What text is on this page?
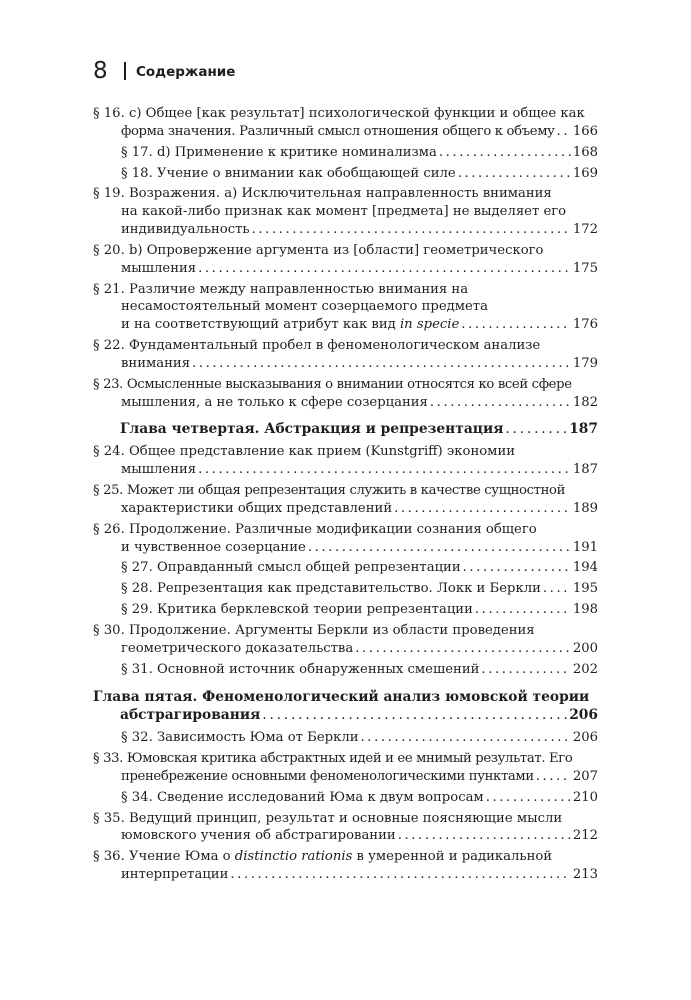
8 Содержание
§ 16. c) Общее [как результат] психологической функции и общее как
форма значения. Различный смысл отношения общего к объему . . . 166
§ 17. d) Применение к критике номинализма . . .	168
§ 18. Учение о внимании как обобщающей силе . . .	169
§ 19. Возражения. a) Исключительная направленность внимания
на какой-либо признак как момент [предмета] не выделяет его
индивидуальность . . .	172
§ 20. b) Опровержение аргумента из [области] геометрического
мышления . . .	175
§ 21. Различие между направленностью внимания на
несамостоятельный момент созерцаемого предмета
и на соответствующий атрибут как вид in specie . . .	176
§ 22. Фундаментальный пробел в феноменологическом анализе
внимания . . .	179
§ 23. Осмысленные высказывания о внимании относятся ко всей сфере
мышления, а не только к сфере созерцания . . .	182
Глава четвертая. Абстракция и репрезентация . . .	187
§ 24. Общее представление как прием (Kunstgriff) экономии
мышления . . .	187
§ 25. Может ли общая репрезентация служить в качестве сущностной
характеристики общих представлений . . .	189
§ 26. Продолжение. Различные модификации сознания общего
и чувственное созерцание . . .	191
§ 27. Оправданный смысл общей репрезентации . . .	194
§ 28. Репрезентация как представительство. Локк и Беркли . . . 195
§ 29. Критика берклевской теории репрезентации . . .	198
§ 30. Продолжение. Аргументы Беркли из области проведения
геометрического доказательства . . .	200
§ 31. Основной источник обнаруженных смешений . . .	202
Глава пятая. Феноменологический анализ юмовской теории
абстрагирования . . .	206
§ 32. Зависимость Юма от Беркли . . .	206
§ 33. Юмовская критика абстрактных идей и ее мнимый результат. Его
пренебрежение основными феноменологическими пунктами . . .	207
§ 34. Сведение исследований Юма к двум вопросам . . .	210
§ 35. Ведущий принцип, результат и основные поясняющие мысли
юмовского учения об абстрагировании . . .	212
§ 36. Учение Юма о distinctio rationis в умеренной и радикальной
интерпретации . . .	213
